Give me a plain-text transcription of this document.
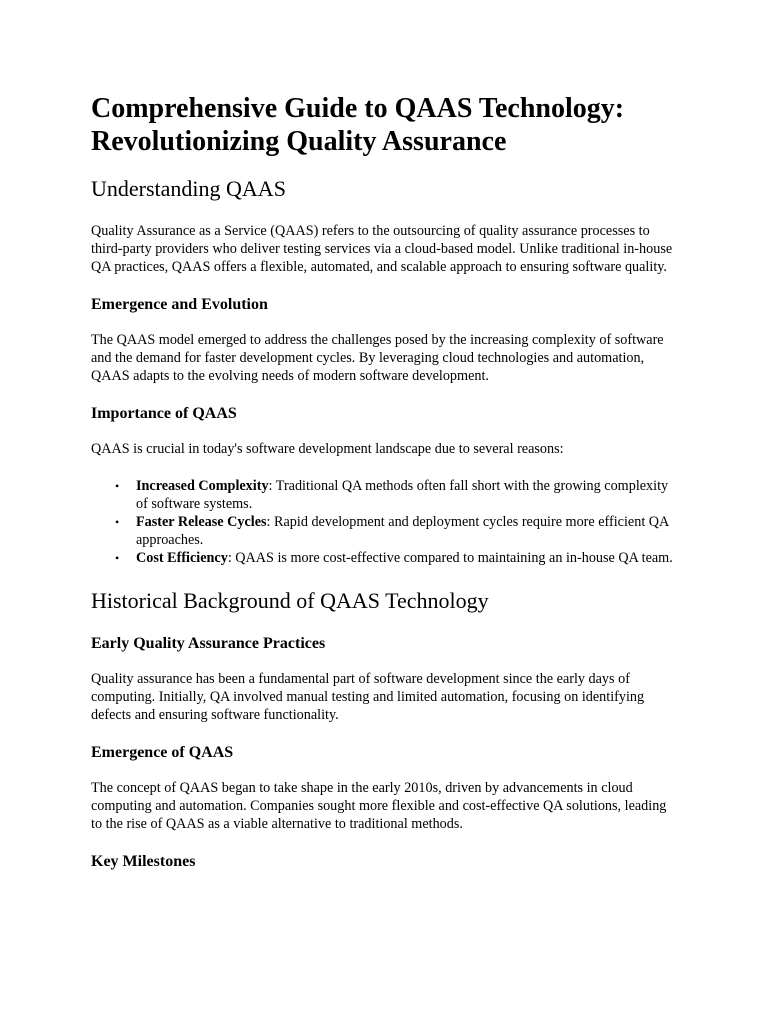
Comprehensive Guide to QAAS Technology: Revolutionizing Quality Assurance
Understanding QAAS

Quality Assurance as a Service (QAAS) refers to the outsourcing of quality assurance processes to third-party providers who deliver testing services via a cloud-based model. Unlike traditional in-house QA practices, QAAS offers a flexible, automated, and scalable approach to ensuring software quality.

Emergence and Evolution

The QAAS model emerged to address the challenges posed by the increasing complexity of software and the demand for faster development cycles. By leveraging cloud technologies and automation, QAAS adapts to the evolving needs of modern software development.

Importance of QAAS

QAAS is crucial in today's software development landscape due to several reasons:

• Increased Complexity: Traditional QA methods often fall short with the growing complexity of software systems.
• Faster Release Cycles: Rapid development and deployment cycles require more efficient QA approaches.
• Cost Efficiency: QAAS is more cost-effective compared to maintaining an in-house QA team.
Historical Background of QAAS Technology
Early Quality Assurance Practices

Quality assurance has been a fundamental part of software development since the early days of computing. Initially, QA involved manual testing and limited automation, focusing on identifying defects and ensuring software functionality.

Emergence of QAAS

The concept of QAAS began to take shape in the early 2010s, driven by advancements in cloud computing and automation. Companies sought more flexible and cost-effective QA solutions, leading to the rise of QAAS as a viable alternative to traditional methods.

Key Milestones
